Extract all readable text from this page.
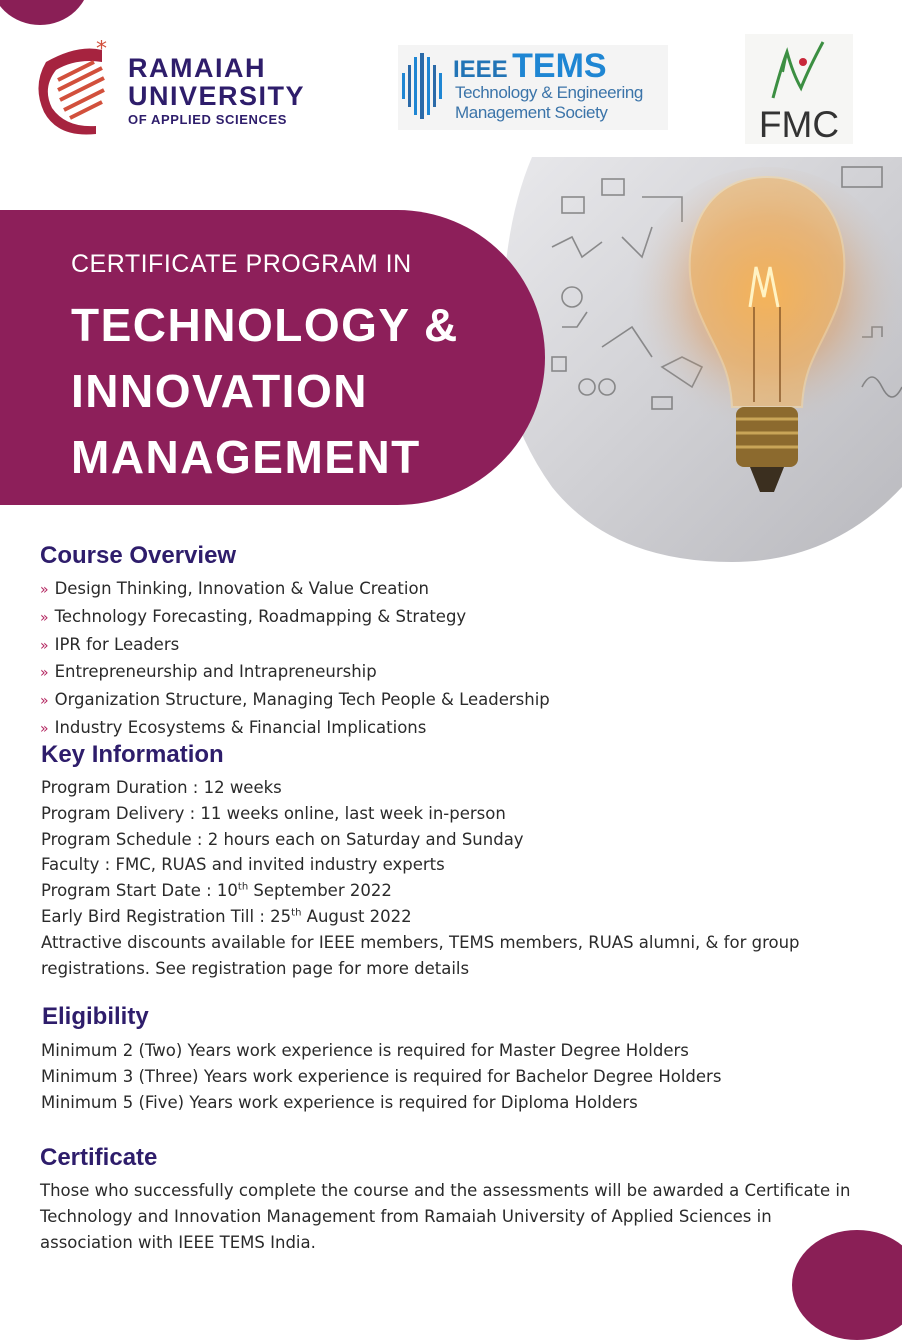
*
RAMAIAH
UNIVERSITY
OF APPLIED SCIENCES
IEEE TEMS
Technology & Engineering
Management Society	FMC
CERTIFICATE PROGRAM IN
TECHNOLOGY &
INNOVATION
MANAGEMENT
Course Overview
» Design Thinking, Innovation & Value Creation
» Technology Forecasting, Roadmapping & Strategy
» IPR for Leaders
» Entrepreneurship and Intrapreneurship
» Organization Structure, Managing Tech People & Leadership
» Industry Ecosystems & Financial Implications
Key Information
Program Duration : 12 weeks
Program Delivery : 11 weeks online, last week in-person
Program Schedule : 2 hours each on Saturday and Sunday
Faculty : FMC, RUAS and invited industry experts
Program Start Date : 10th September 2022
Early Bird Registration Till : 25th August 2022
Attractive discounts available for IEEE members, TEMS members, RUAS alumni, & for group
registrations. See registration page for more details
Eligibility
Minimum 2 (Two) Years work experience is required for Master Degree Holders
Minimum 3 (Three) Years work experience is required for Bachelor Degree Holders
Minimum 5 (Five) Years work experience is required for Diploma Holders
Certificate
Those who successfully complete the course and the assessments will be awarded a Certificate in
Technology and Innovation Management from Ramaiah University of Applied Sciences in
association with IEEE TEMS India.
